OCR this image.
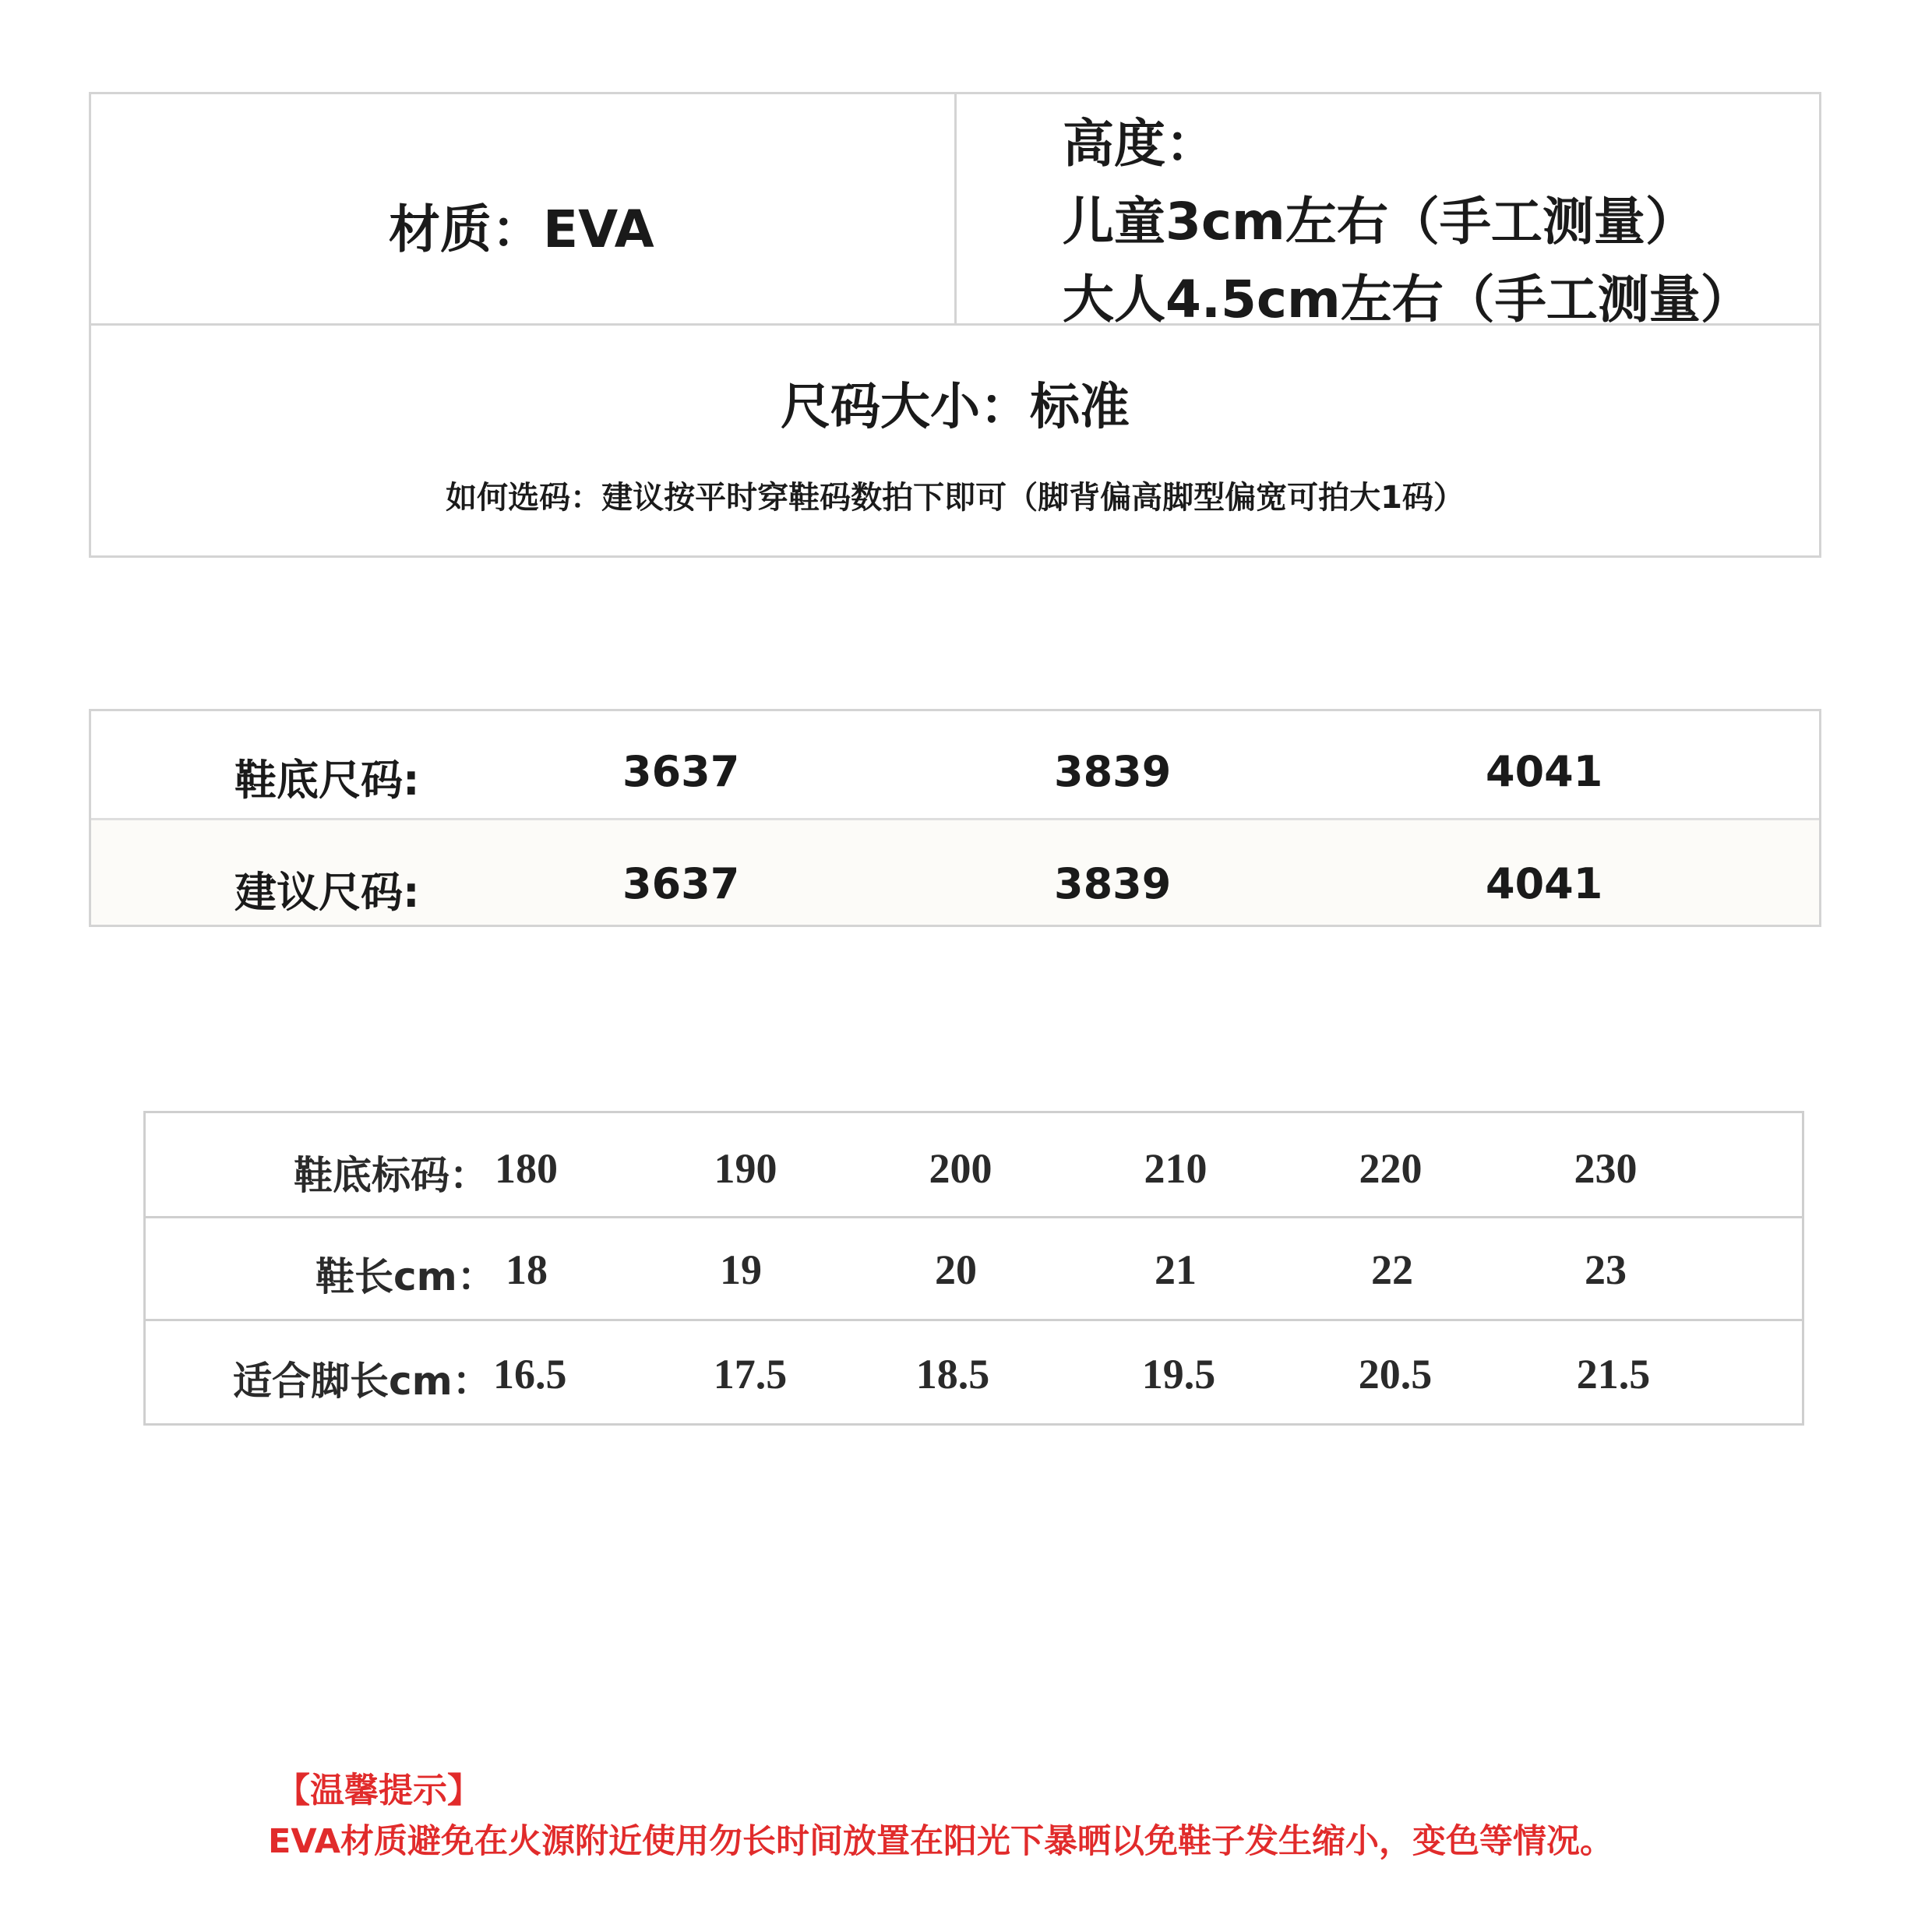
材质：EVA
高度：
儿童3cm左右（手工测量）
大人4.5cm左右（手工测量）
尺码大小：标准
如何选码：建议按平时穿鞋码数拍下即可（脚背偏高脚型偏宽可拍大1码）
鞋底尺码:	3637	3839	4041
建议尺码:	3637	3839	4041
鞋底标码： 180	190	200	210	220	230
鞋长cm： 18	19	20	21	22	23
适合脚长cm： 16.5	17.5	18.5	19.5	20.5	21.5
【温馨提示】
EVA材质避免在火源附近使用勿长时间放置在阳光下暴晒以免鞋子发生缩小，变色等情况。
